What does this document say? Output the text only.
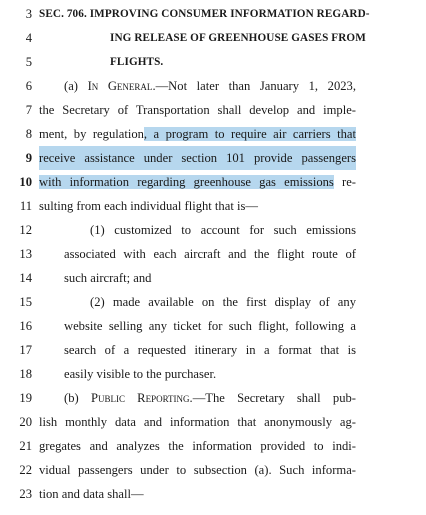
3 SEC. 706. IMPROVING CONSUMER INFORMATION REGARD-
4	ING RELEASE OF GREENHOUSE GASES FROM
5	FLIGHTS.
6	(a) In General.—Not later than January 1, 2023,
7 the Secretary of Transportation shall develop and imple-
8 ment, by regulation, a program to require air carriers that
9 receive assistance under section 101 provide passengers
10 with information regarding greenhouse gas emissions re-
11 sulting from each individual flight that is—
12	(1) customized to account for such emissions
13	associated with each aircraft and the flight route of
14	such aircraft; and
15	(2) made available on the first display of any
16	website selling any ticket for such flight, following a
17	search of a requested itinerary in a format that is
18	easily visible to the purchaser.
19	(b) Public Reporting.—The Secretary shall pub-
20 lish monthly data and information that anonymously ag-
21 gregates and analyzes the information provided to indi-
22 vidual passengers under to subsection (a). Such informa-
23 tion and data shall—
